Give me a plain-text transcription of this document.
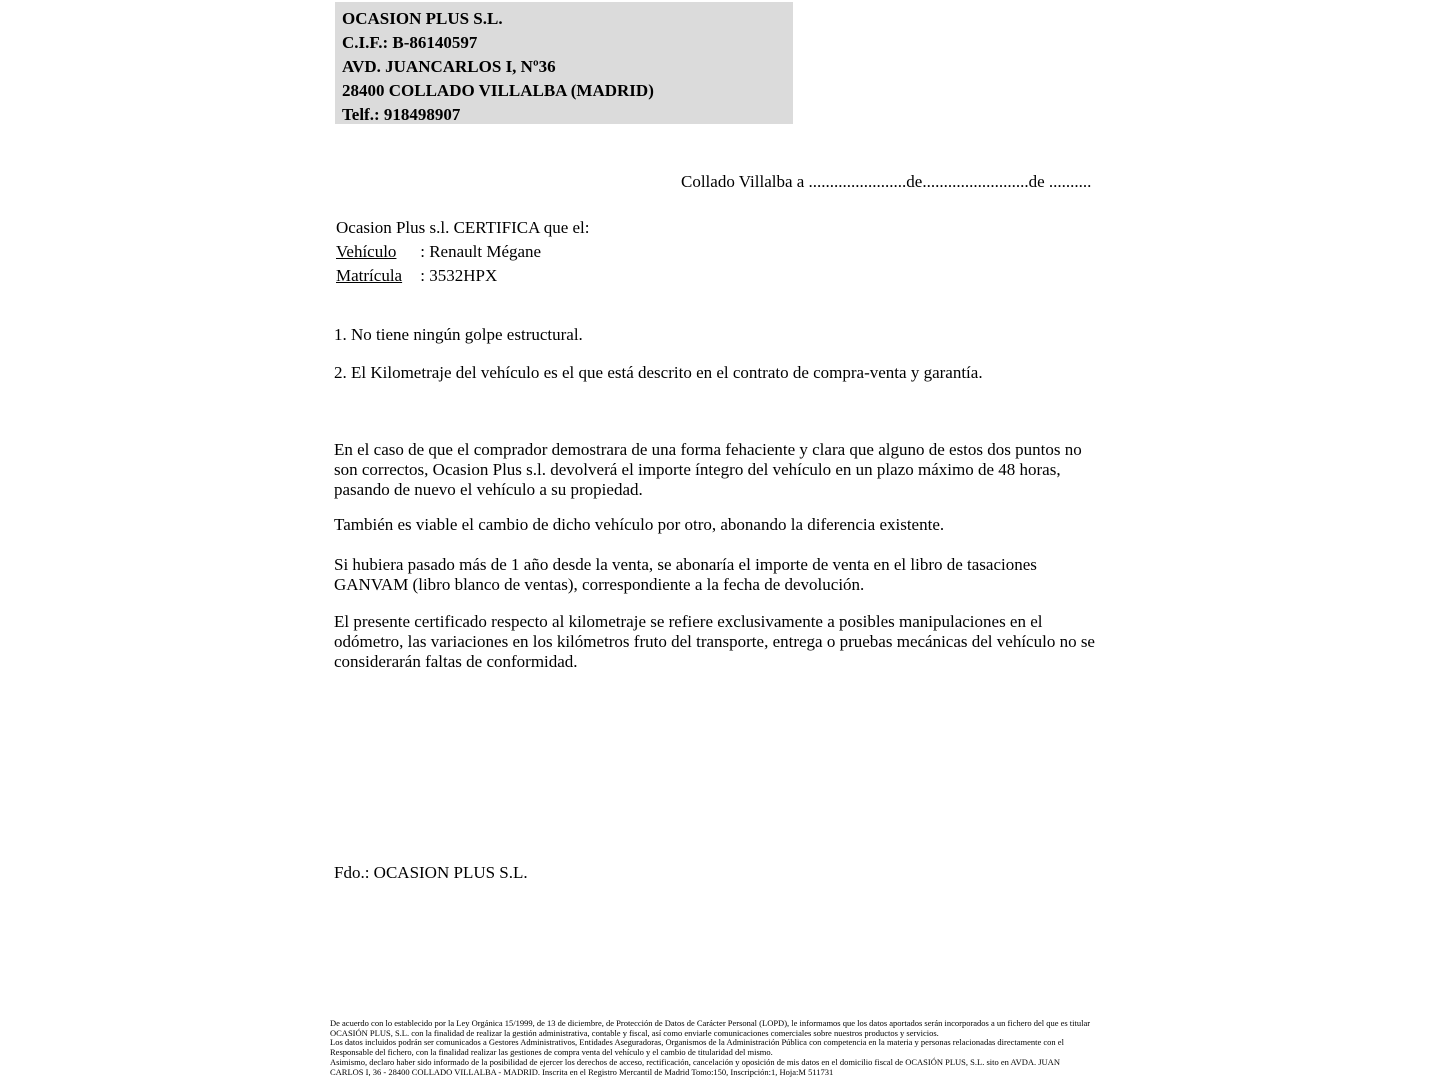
OCASION PLUS S.L.
C.I.F.: B-86140597
AVD. JUANCARLOS I, Nº36
28400 COLLADO VILLALBA (MADRID)
Telf.: 918498907
Collado Villalba a .......................de.........................de ..........
Ocasion Plus s.l. CERTIFICA que el:
Vehículo : Renault Mégane
Matrícula : 3532HPX
1. No tiene ningún golpe estructural.
2. El Kilometraje del vehículo es el que está descrito en el contrato de compra-venta y garantía.
En el caso de que el comprador demostrara de una forma fehaciente y clara que alguno de estos dos puntos no son correctos, Ocasion Plus s.l. devolverá el importe íntegro del vehículo en un plazo máximo de 48 horas, pasando de nuevo el vehículo a su propiedad.
También es viable el cambio de dicho vehículo por otro, abonando la diferencia existente.
Si hubiera pasado más de 1 año desde la venta, se abonaría el importe de venta en el libro de tasaciones GANVAM (libro blanco de ventas), correspondiente a la fecha de devolución.
El presente certificado respecto al kilometraje se refiere exclusivamente a posibles manipulaciones en el odómetro, las variaciones en los kilómetros fruto del transporte, entrega o pruebas mecánicas del vehículo no se considerarán faltas de conformidad.
Fdo.: OCASION PLUS S.L.
De acuerdo con lo establecido por la Ley Orgánica 15/1999, de 13 de diciembre, de Protección de Datos de Carácter Personal (LOPD), le informamos que los datos aportados serán incorporados a un fichero del que es titular
OCASIÓN PLUS, S.L. con la finalidad de realizar la gestión administrativa, contable y fiscal, así como enviarle comunicaciones comerciales sobre nuestros productos y servicios.
Los datos incluidos podrán ser comunicados a Gestores Administrativos, Entidades Aseguradoras, Organismos de la Administración Pública con competencia en la materia y personas relacionadas directamente con el
Responsable del fichero, con la finalidad realizar las gestiones de compra venta del vehículo y el cambio de titularidad del mismo.
Asimismo, declaro haber sido informado de la posibilidad de ejercer los derechos de acceso, rectificación, cancelación y oposición de mis datos en el domicilio fiscal de OCASIÓN PLUS, S.L. sito en AVDA. JUAN
CARLOS I, 36 - 28400 COLLADO VILLALBA - MADRID. Inscrita en el Registro Mercantil de Madrid Tomo:150, Inscripción:1, Hoja:M 511731
